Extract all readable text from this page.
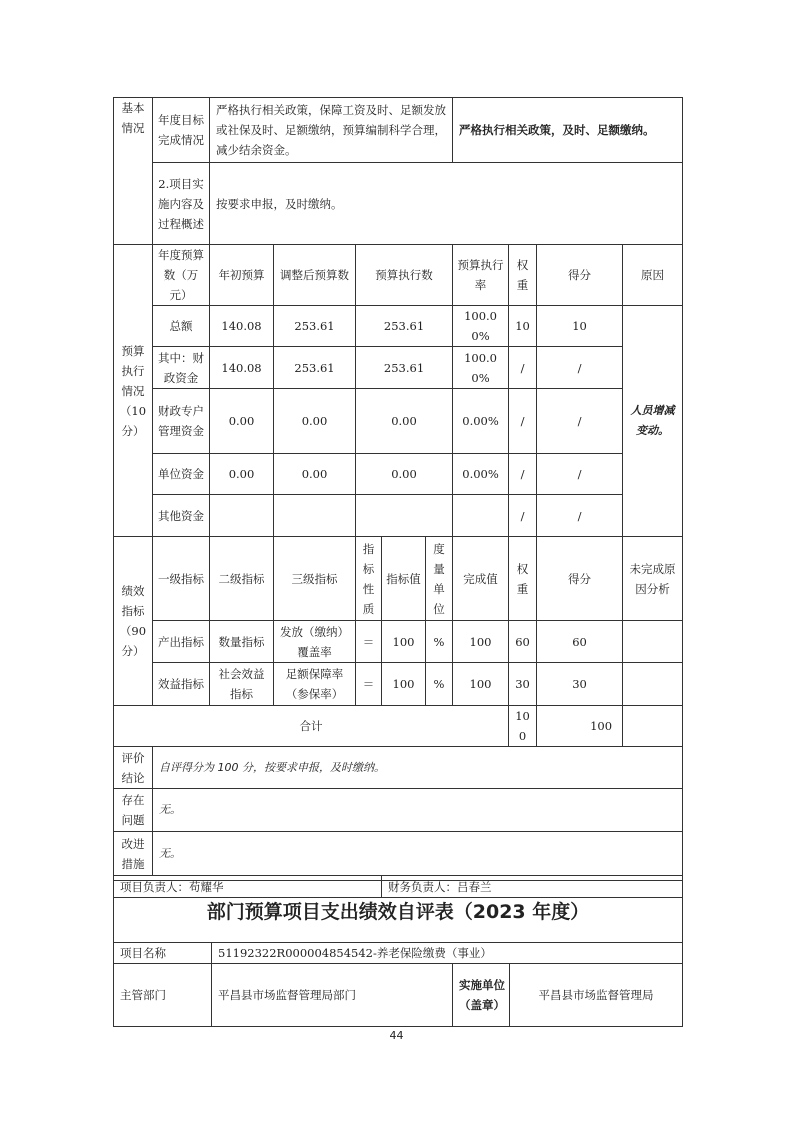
基本情况	年度目标完成情况	严格执行相关政策，保障工资及时、足额发放或社保及时、足额缴纳，预算编制科学合理，减少结余资金。					严格执行相关政策，及时、足额缴纳。			
	2.项目实施内容及过程概述	按要求申报，及时缴纳。								
预算执行情况（10分）	年度预算数（万元）	年初预算	调整后预算数	预算执行数			预算执行率	权重	得分	原因
	总额	140.08	253.61	253.61			100.00%	10	10	人员增减变动。
	其中：财政资金	140.08	253.61	253.61			100.00%	/	/	
	财政专户管理资金	0.00	0.00	0.00			0.00%	/	/	
	单位资金	0.00	0.00	0.00			0.00%	/	/	
	其他资金							/	/	
绩效指标（90分）	一级指标	二级指标	三级指标	指标性质	指标值	度量单位	完成值	权重	得分	未完成原因分析
	产出指标	数量指标	发放（缴纳）覆盖率	＝	100	%	100	60	60	
	效益指标	社会效益指标	足额保障率（参保率）	＝	100	%	100	30	30	
合计								100	100	
评价结论	自评得分为 100 分，按要求申报，及时缴纳。									
存在问题	无。									
改进措施	无。									
项目负责人：苟耀华					财务负责人：吕春兰					
部门预算项目支出绩效自评表（2023 年度）			
项目名称	51192322R000004854542-养老保险缴费（事业）		
主管部门	平昌县市场监督管理局部门	实施单位（盖章）	平昌县市场监督管理局
44
